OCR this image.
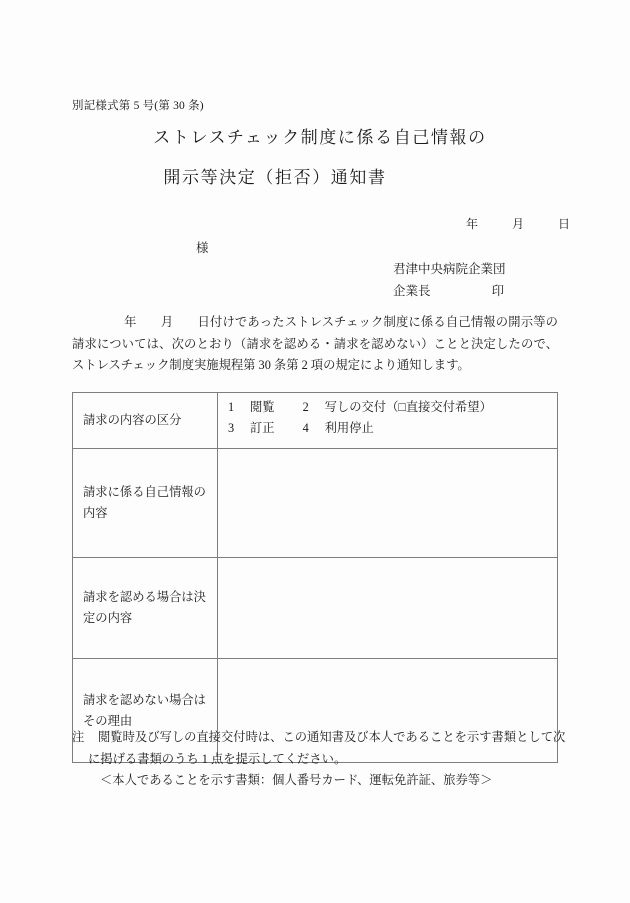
別記様式第 5 号(第 30 条)
ストレスチェック制度に係る自己情報の
開示等決定（拒否）通知書
年	月	日
様
君津中央病院企業団
企業長	印
年 月 日付けであったストレスチェック制度に係る自己情報の開示等の請求については、次のとおり（請求を認める・請求を認めない）ことと決定したので、ストレスチェック制度実施規程第 30 条第 2 項の規定により通知します。
請求の内容の区分	1 閲覧 2 写しの交付（□直接交付希望）
3 訂正 4 利用停止

請求に係る自己情報の内容	
請求を認める場合は決定の内容	
請求を認めない場合はその理由	
注 閲覧時及び写しの直接交付時は、この通知書及び本人であることを示す書類として次
に掲げる書類のうち 1 点を提示してください。
＜本人であることを示す書類：個人番号カード、運転免許証、旅券等＞
